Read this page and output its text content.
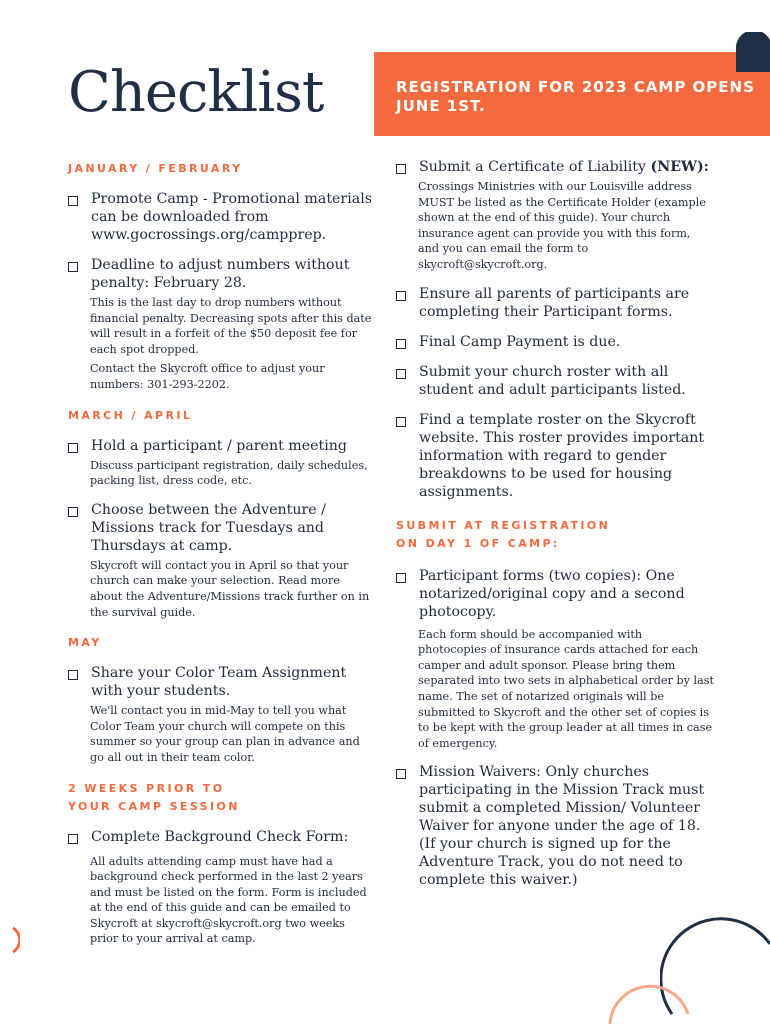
Checklist	REGISTRATION FOR 2023 CAMP OPENS JUNE 1ST.
JANUARY / FEBRUARY
Promote Camp - Promotional materials can be downloaded from www.gocrossings.org/campprep.
Deadline to adjust numbers without penalty: February 28.
This is the last day to drop numbers without financial penalty. Decreasing spots after this date will result in a forfeit of the $50 deposit fee for each spot dropped.
Contact the Skycroft office to adjust your numbers: 301-293-2202.
MARCH / APRIL
Hold a participant / parent meeting
Discuss participant registration, daily schedules, packing list, dress code, etc.
Choose between the Adventure / Missions track for Tuesdays and Thursdays at camp.
Skycroft will contact you in April so that your church can make your selection. Read more about the Adventure/Missions track further on in the survival guide.
MAY
Share your Color Team Assignment with your students.
We'll contact you in mid-May to tell you what Color Team your church will compete on this summer so your group can plan in advance and go all out in their team color.
2 WEEKS PRIOR TO
YOUR CAMP SESSION
Complete Background Check Form:
All adults attending camp must have had a background check performed in the last 2 years and must be listed on the form. Form is included at the end of this guide and can be emailed to Skycroft at skycroft@skycroft.org two weeks prior to your arrival at camp.
Submit a Certificate of Liability (NEW):
Crossings Ministries with our Louisville address MUST be listed as the Certificate Holder (example shown at the end of this guide). Your church insurance agent can provide you with this form, and you can email the form to skycroft@skycroft.org.
Ensure all parents of participants are completing their Participant forms.
Final Camp Payment is due.
Submit your church roster with all student and adult participants listed.
Find a template roster on the Skycroft website. This roster provides important information with regard to gender breakdowns to be used for housing assignments.
SUBMIT AT REGISTRATION
ON DAY 1 OF CAMP:
Participant forms (two copies): One notarized/original copy and a second photocopy.
Each form should be accompanied with photocopies of insurance cards attached for each camper and adult sponsor. Please bring them separated into two sets in alphabetical order by last name. The set of notarized originals will be submitted to Skycroft and the other set of copies is to be kept with the group leader at all times in case of emergency.
Mission Waivers: Only churches participating in the Mission Track must submit a completed Mission/ Volunteer Waiver for anyone under the age of 18. (If your church is signed up for the Adventure Track, you do not need to complete this waiver.)
